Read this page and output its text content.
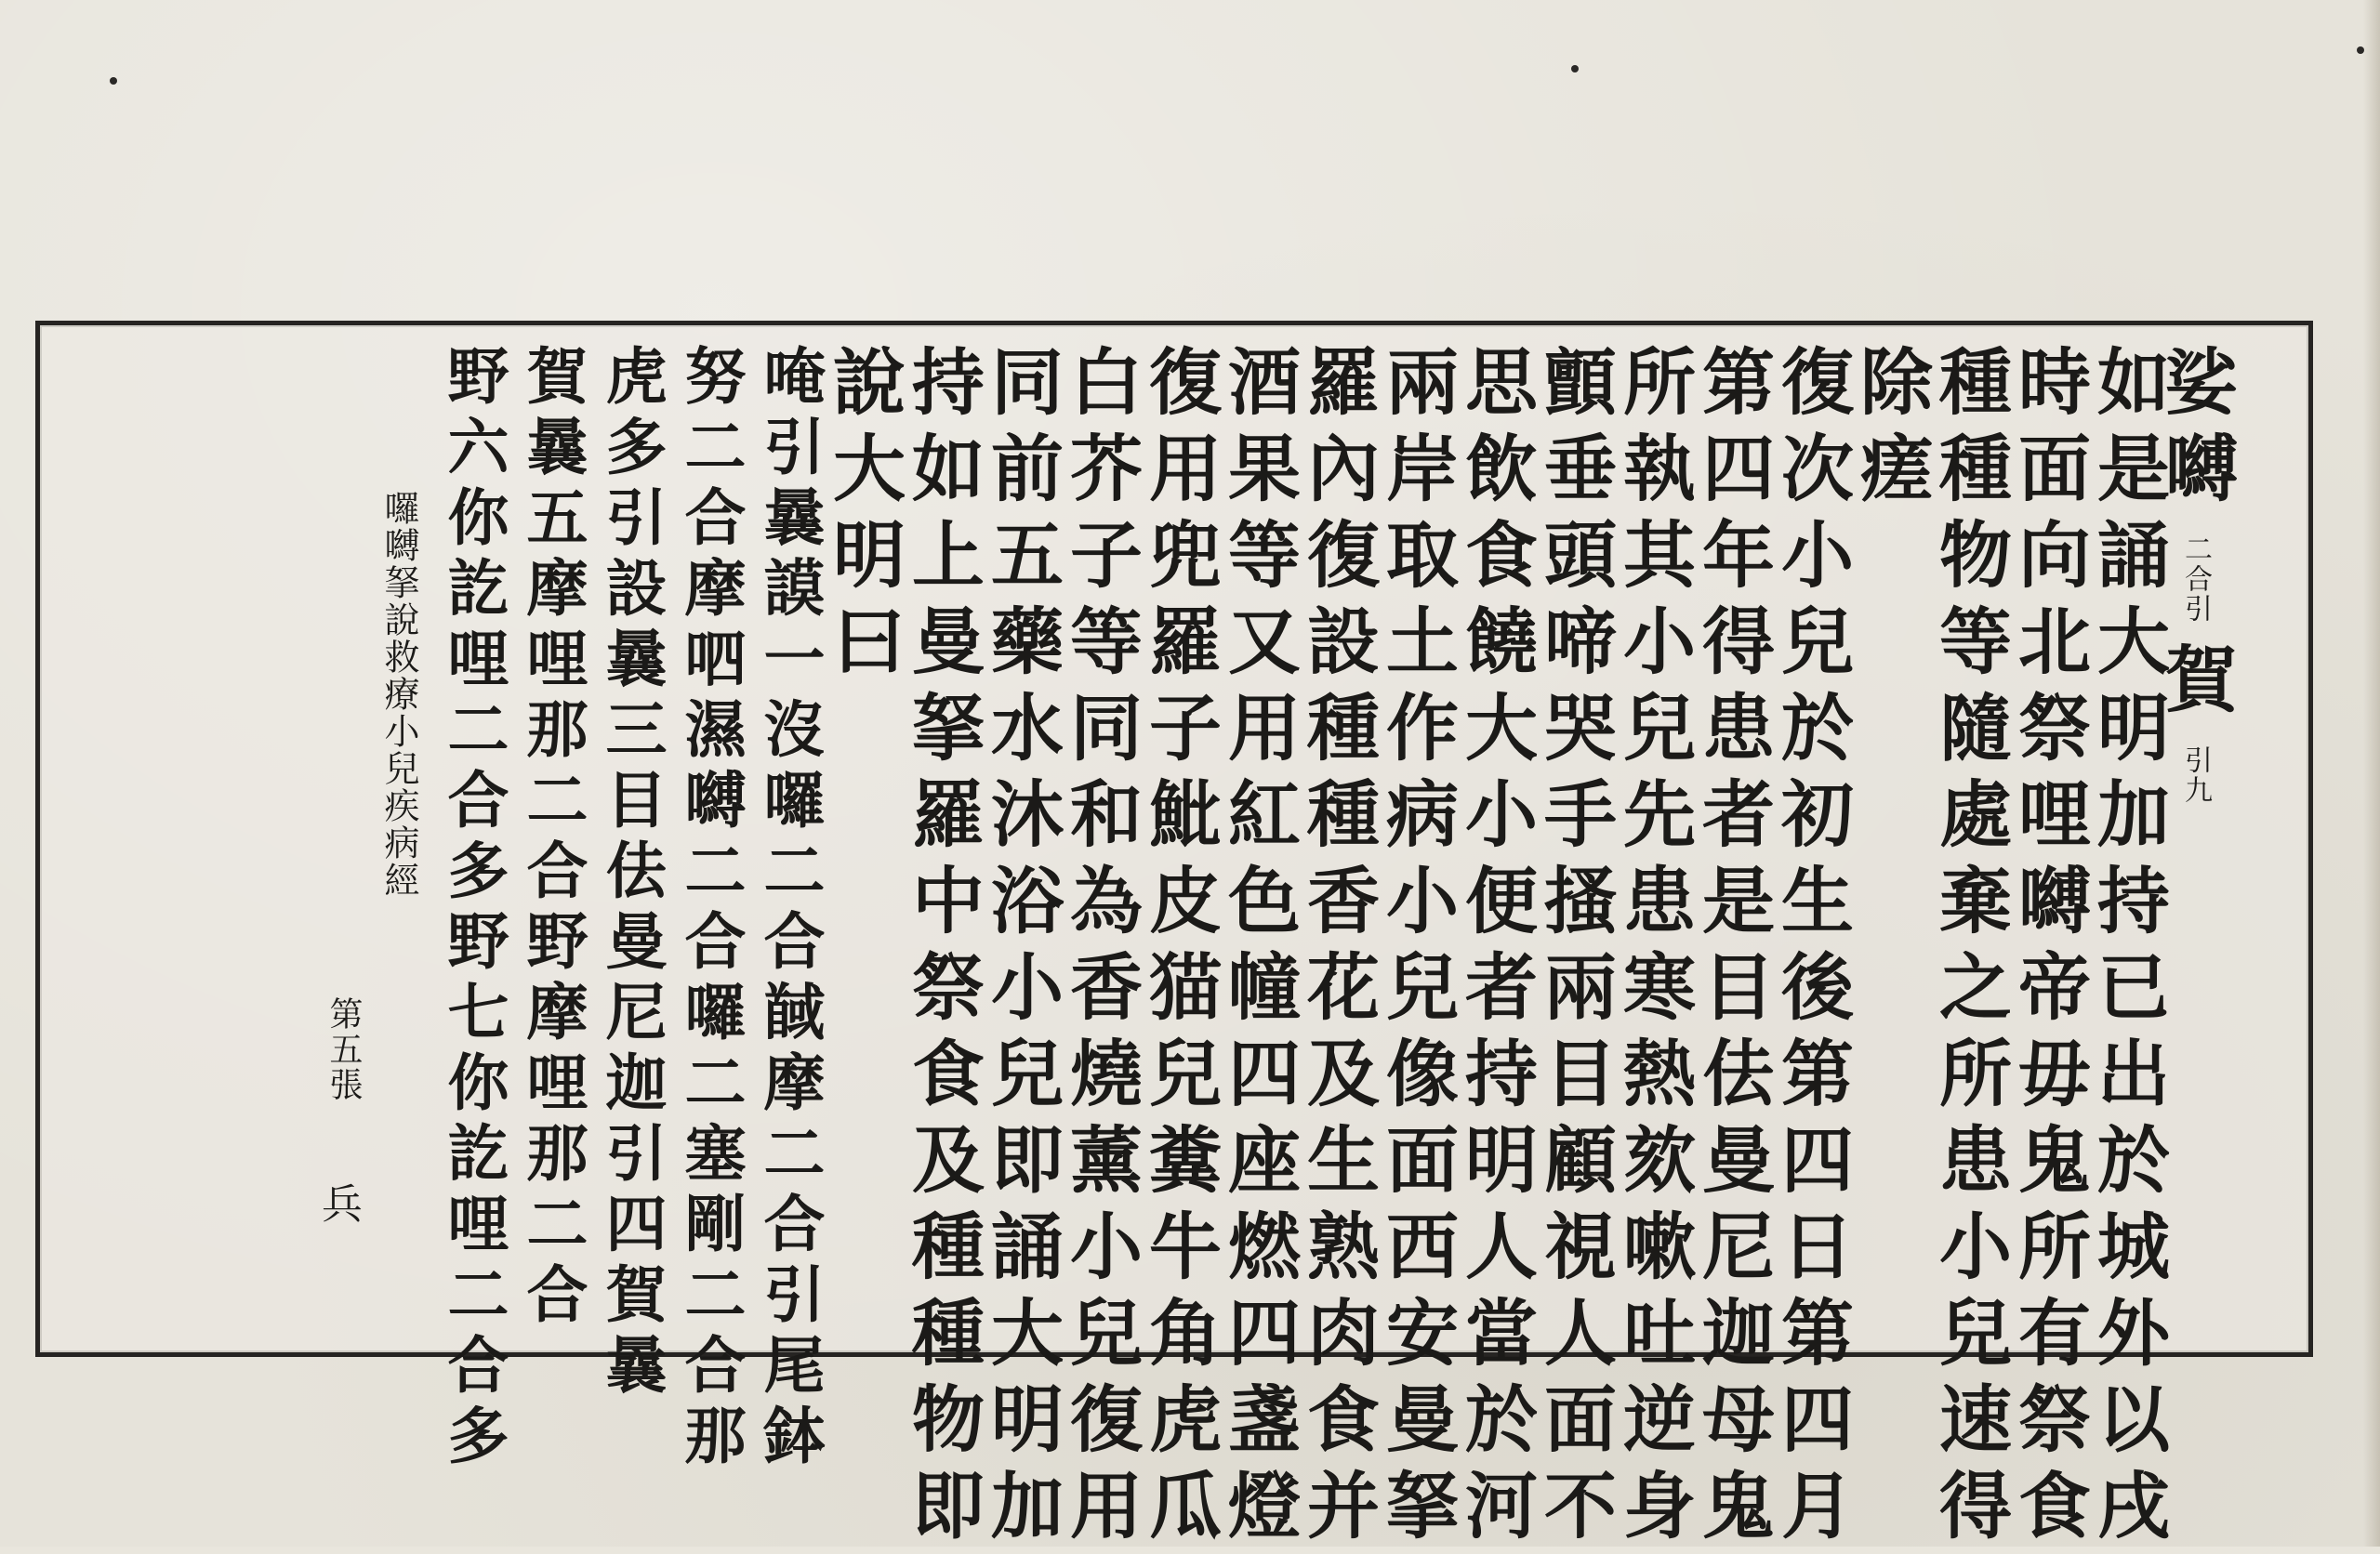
娑嚩 二合引 賀 引九
如是誦大明加持已出於城外以戌
時面向北祭哩嚩帝毋鬼所有祭食
種種物等隨處棄之所患小兒速得
除瘥
復次小兒於初生後第四日第四月
第四年得患者是目佉曼尼迦母鬼
所執其小兒先患寒熱欬嗽吐逆身
顫垂頭啼哭手搔兩目顧視人面不
思飲食饒大小便者持明人當於河
兩岸取土作病小兒像面西安曼拏
羅內復設種種香花及生熟肉食并
酒果等又用紅色幢四座燃四盞燈
復用兜羅子魮皮猫兒糞牛角虎瓜
白芥子等同和為香燒薰小兒復用
同前五藥水沐浴小兒即誦大明加
持如上曼拏羅中祭食及種種物即
說大明曰
唵引曩謨一沒囉二合馘摩二合引尾鉢
努二合摩呬濕嚩二合囉二塞剛二合那
虎多引設曩三目佉曼尼迦引四賀曩
賀曩五摩哩那二合野摩哩那二合
野六你訖哩二合多野七你訖哩二合多
囉嚩拏說救療小兒疾病經
第五張
兵
